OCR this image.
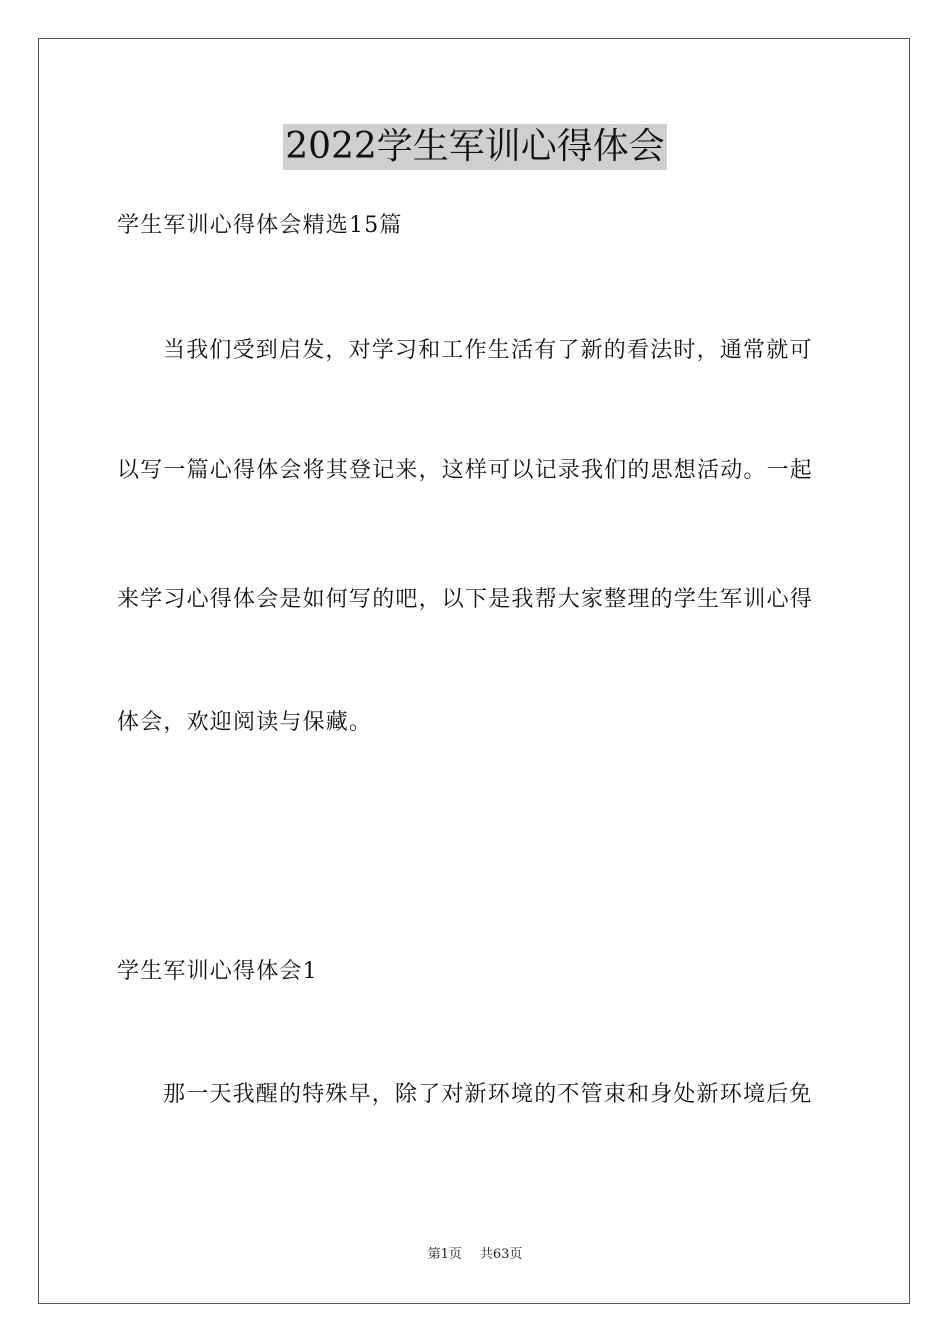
2022学生军训心得体会
学生军训心得体会精选15篇
当我们受到启发，对学习和工作生活有了新的看法时，通常就可
以写一篇心得体会将其登记来，这样可以记录我们的思想活动。一起
来学习心得体会是如何写的吧，以下是我帮大家整理的学生军训心得
体会，欢迎阅读与保藏。
学生军训心得体会1
那一天我醒的特殊早，除了对新环境的不管束和身处新环境后免
第1页 共63页
